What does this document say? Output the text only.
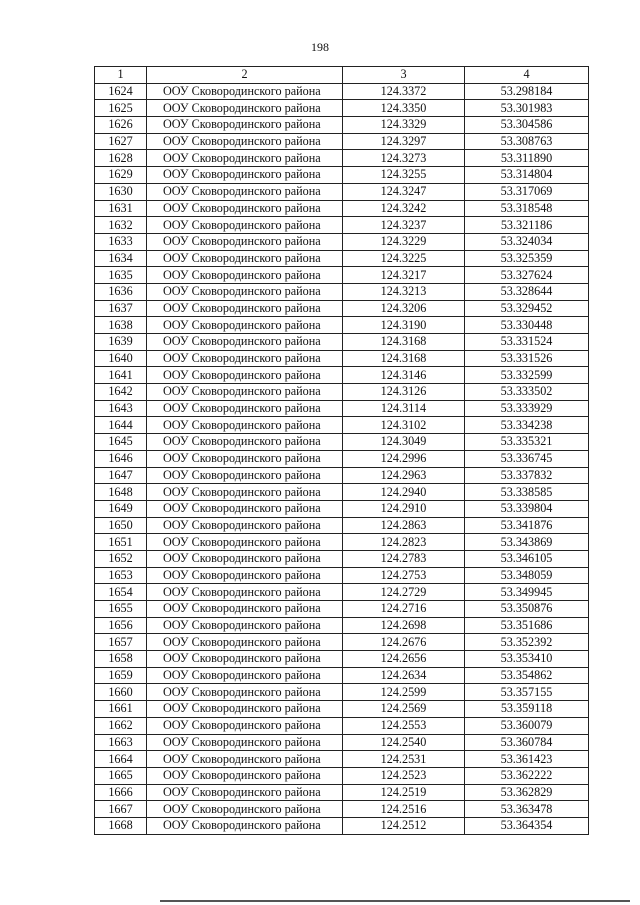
198
1	2	3	4
1624	ООУ Сковородинского района	124.3372	53.298184
1625	ООУ Сковородинского района	124.3350	53.301983
1626	ООУ Сковородинского района	124.3329	53.304586
1627	ООУ Сковородинского района	124.3297	53.308763
1628	ООУ Сковородинского района	124.3273	53.311890
1629	ООУ Сковородинского района	124.3255	53.314804
1630	ООУ Сковородинского района	124.3247	53.317069
1631	ООУ Сковородинского района	124.3242	53.318548
1632	ООУ Сковородинского района	124.3237	53.321186
1633	ООУ Сковородинского района	124.3229	53.324034
1634	ООУ Сковородинского района	124.3225	53.325359
1635	ООУ Сковородинского района	124.3217	53.327624
1636	ООУ Сковородинского района	124.3213	53.328644
1637	ООУ Сковородинского района	124.3206	53.329452
1638	ООУ Сковородинского района	124.3190	53.330448
1639	ООУ Сковородинского района	124.3168	53.331524
1640	ООУ Сковородинского района	124.3168	53.331526
1641	ООУ Сковородинского района	124.3146	53.332599
1642	ООУ Сковородинского района	124.3126	53.333502
1643	ООУ Сковородинского района	124.3114	53.333929
1644	ООУ Сковородинского района	124.3102	53.334238
1645	ООУ Сковородинского района	124.3049	53.335321
1646	ООУ Сковородинского района	124.2996	53.336745
1647	ООУ Сковородинского района	124.2963	53.337832
1648	ООУ Сковородинского района	124.2940	53.338585
1649	ООУ Сковородинского района	124.2910	53.339804
1650	ООУ Сковородинского района	124.2863	53.341876
1651	ООУ Сковородинского района	124.2823	53.343869
1652	ООУ Сковородинского района	124.2783	53.346105
1653	ООУ Сковородинского района	124.2753	53.348059
1654	ООУ Сковородинского района	124.2729	53.349945
1655	ООУ Сковородинского района	124.2716	53.350876
1656	ООУ Сковородинского района	124.2698	53.351686
1657	ООУ Сковородинского района	124.2676	53.352392
1658	ООУ Сковородинского района	124.2656	53.353410
1659	ООУ Сковородинского района	124.2634	53.354862
1660	ООУ Сковородинского района	124.2599	53.357155
1661	ООУ Сковородинского района	124.2569	53.359118
1662	ООУ Сковородинского района	124.2553	53.360079
1663	ООУ Сковородинского района	124.2540	53.360784
1664	ООУ Сковородинского района	124.2531	53.361423
1665	ООУ Сковородинского района	124.2523	53.362222
1666	ООУ Сковородинского района	124.2519	53.362829
1667	ООУ Сковородинского района	124.2516	53.363478
1668	ООУ Сковородинского района	124.2512	53.364354
